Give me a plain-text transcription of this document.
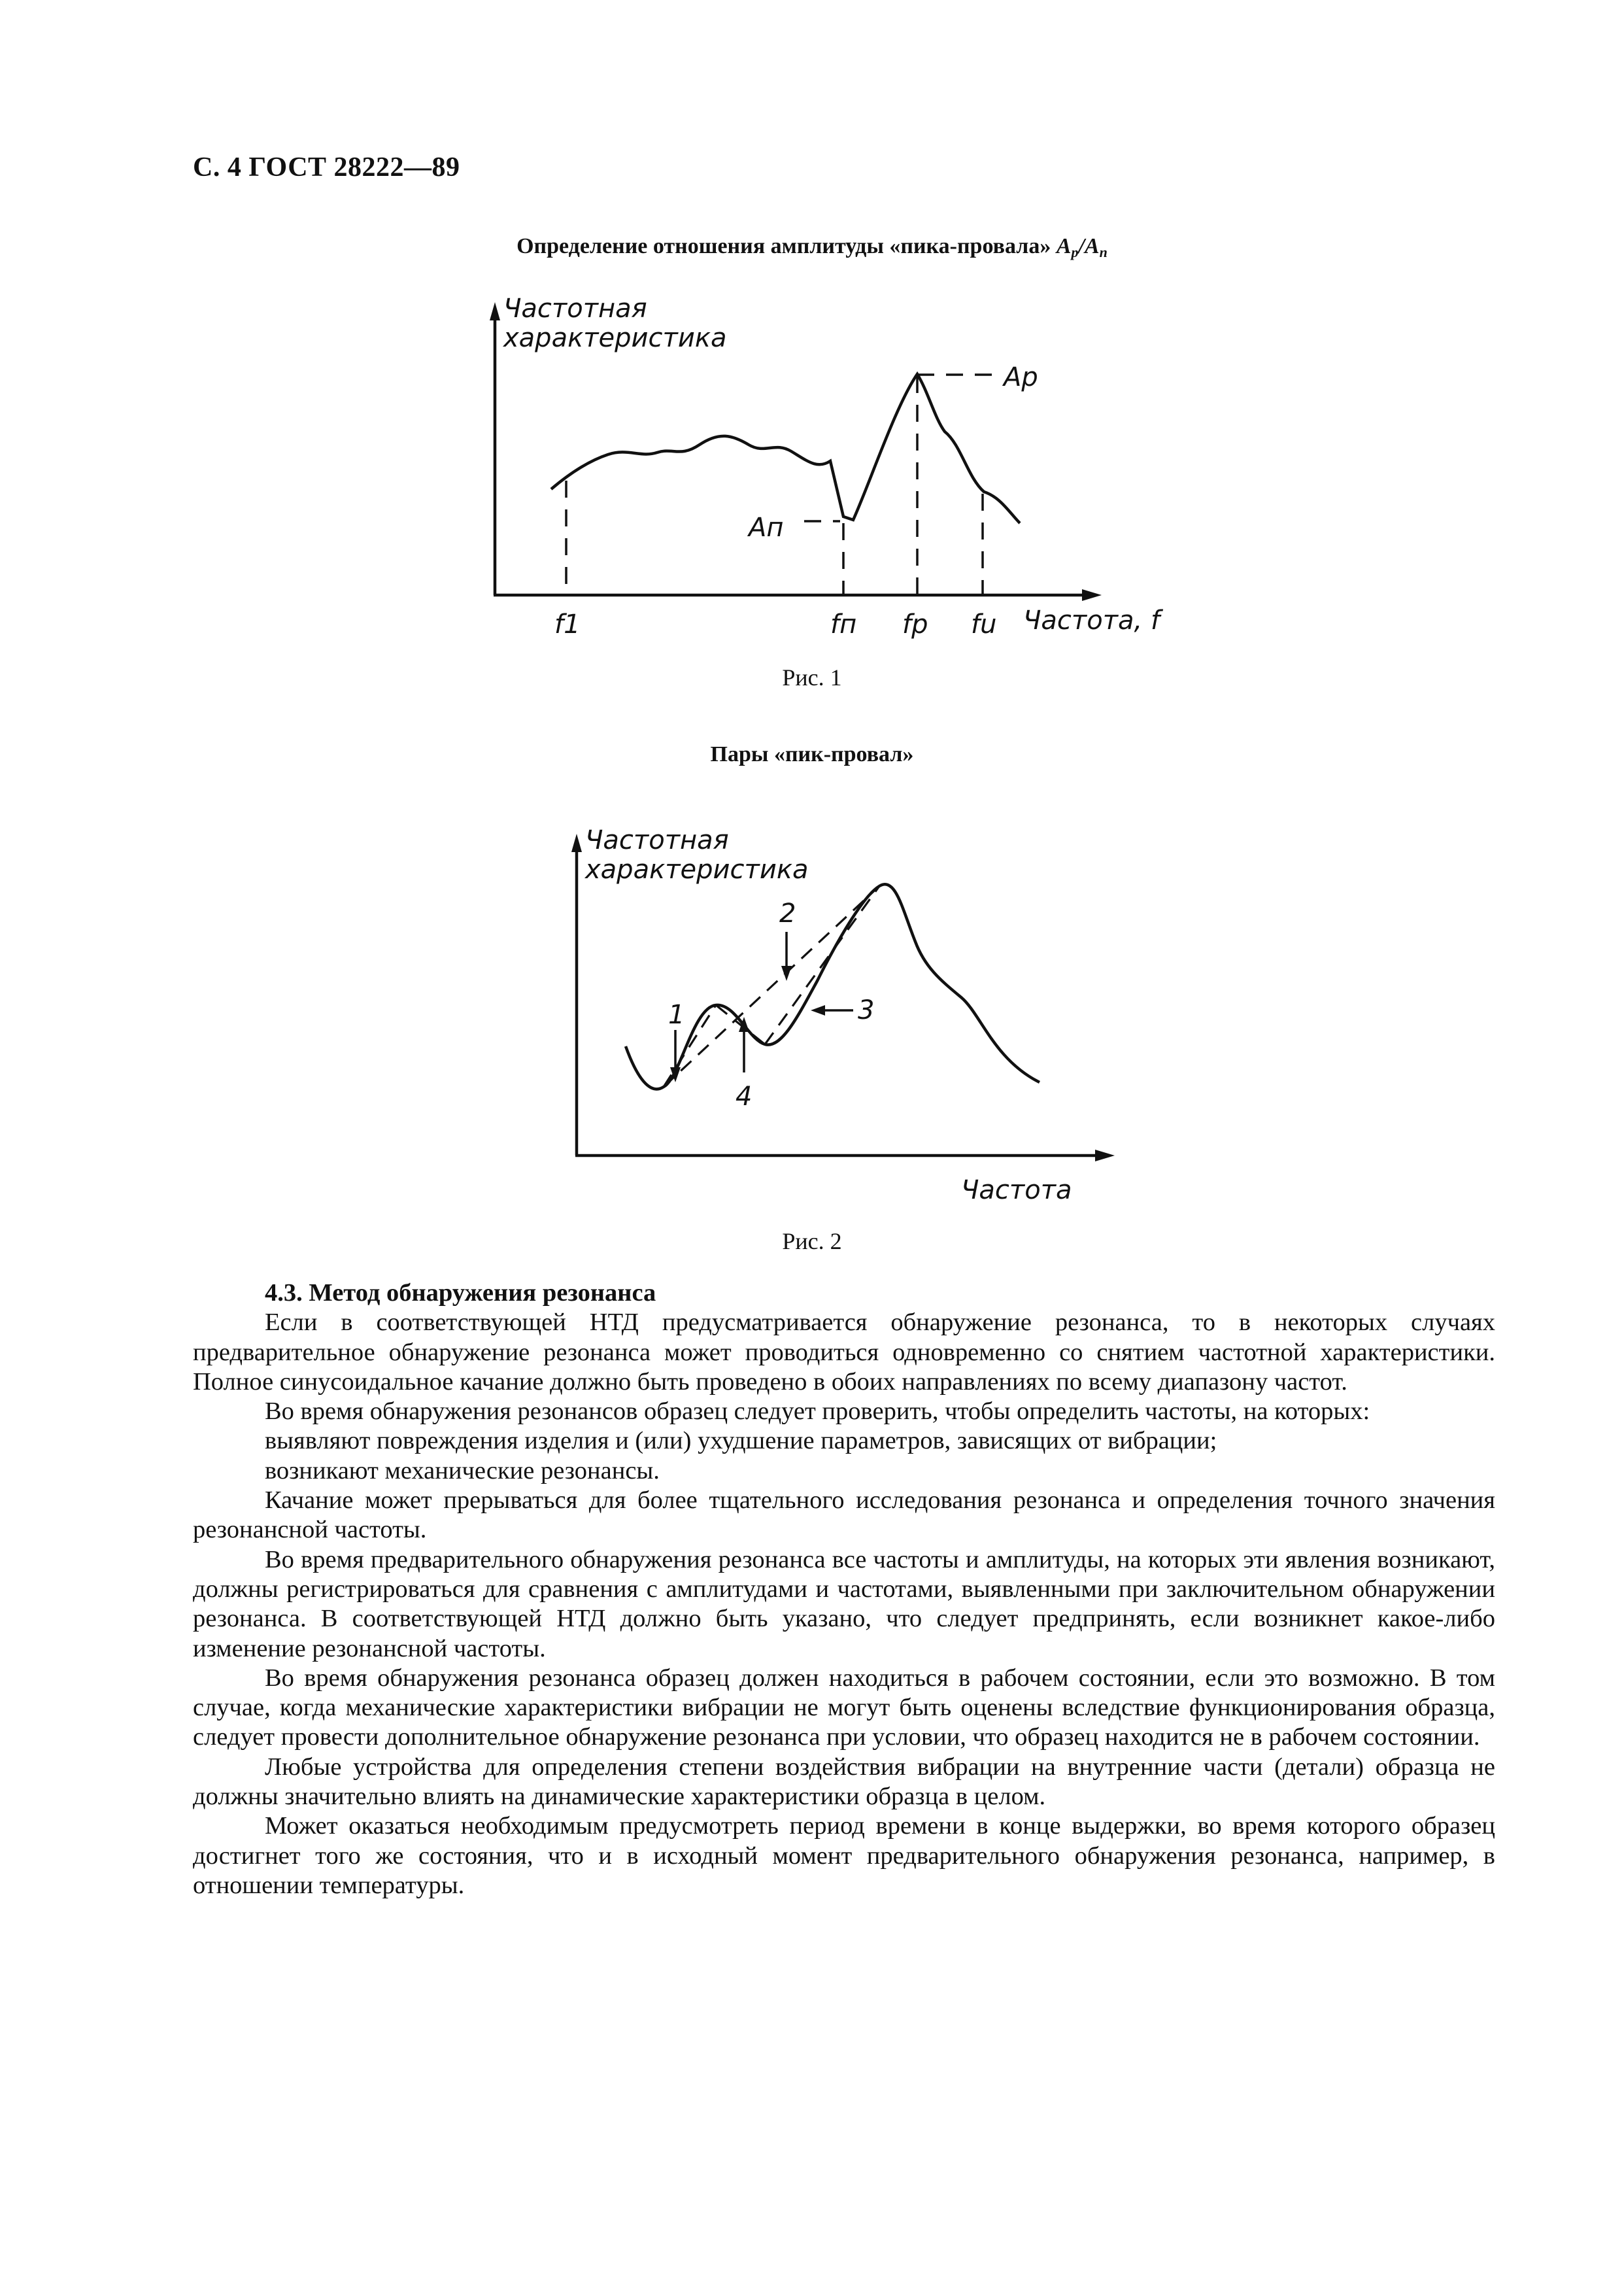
С. 4 ГОСТ 28222—89
Определение отношения амплитуды «пика-провала» $A_p/A_п$
Частотная
характеристика
Ap
Aп
f1	fп fp fu Частота, f
Рис. 1
Пары «пик-провал»
Частотная
характеристика
1
2
3
4
Частота
Рис. 2
4.3. Метод обнаружения резонанса

Если в соответствующей НТД предусматривается обнаружение резонанса, то в некоторых случаях предварительное обнаружение резонанса может проводиться одновременно со снятием частотной характеристики. Полное синусоидальное качание должно быть проведено в обоих направлениях по всему диапазону частот.

Во время обнаружения резонансов образец следует проверить, чтобы определить частоты, на которых:

выявляют повреждения изделия и (или) ухудшение параметров, зависящих от вибрации;

возникают механические резонансы.

Качание может прерываться для более тщательного исследования резонанса и определения точного значения резонансной частоты.

Во время предварительного обнаружения резонанса все частоты и амплитуды, на которых эти явления возникают, должны регистрироваться для сравнения с амплитудами и частотами, выявленными при заключительном обнаружении резонанса. В соответствующей НТД должно быть указано, что следует предпринять, если возникнет какое-либо изменение резонансной частоты.

Во время обнаружения резонанса образец должен находиться в рабочем состоянии, если это возможно. В том случае, когда механические характеристики вибрации не могут быть оценены вследствие функционирования образца, следует провести дополнительное обнаружение резонанса при условии, что образец находится не в рабочем состоянии.

Любые устройства для определения степени воздействия вибрации на внутренние части (детали) образца не должны значительно влиять на динамические характеристики образца в целом.

Может оказаться необходимым предусмотреть период времени в конце выдержки, во время которого образец достигнет того же состояния, что и в исходный момент предварительного обнаружения резонанса, например, в отношении температуры.
